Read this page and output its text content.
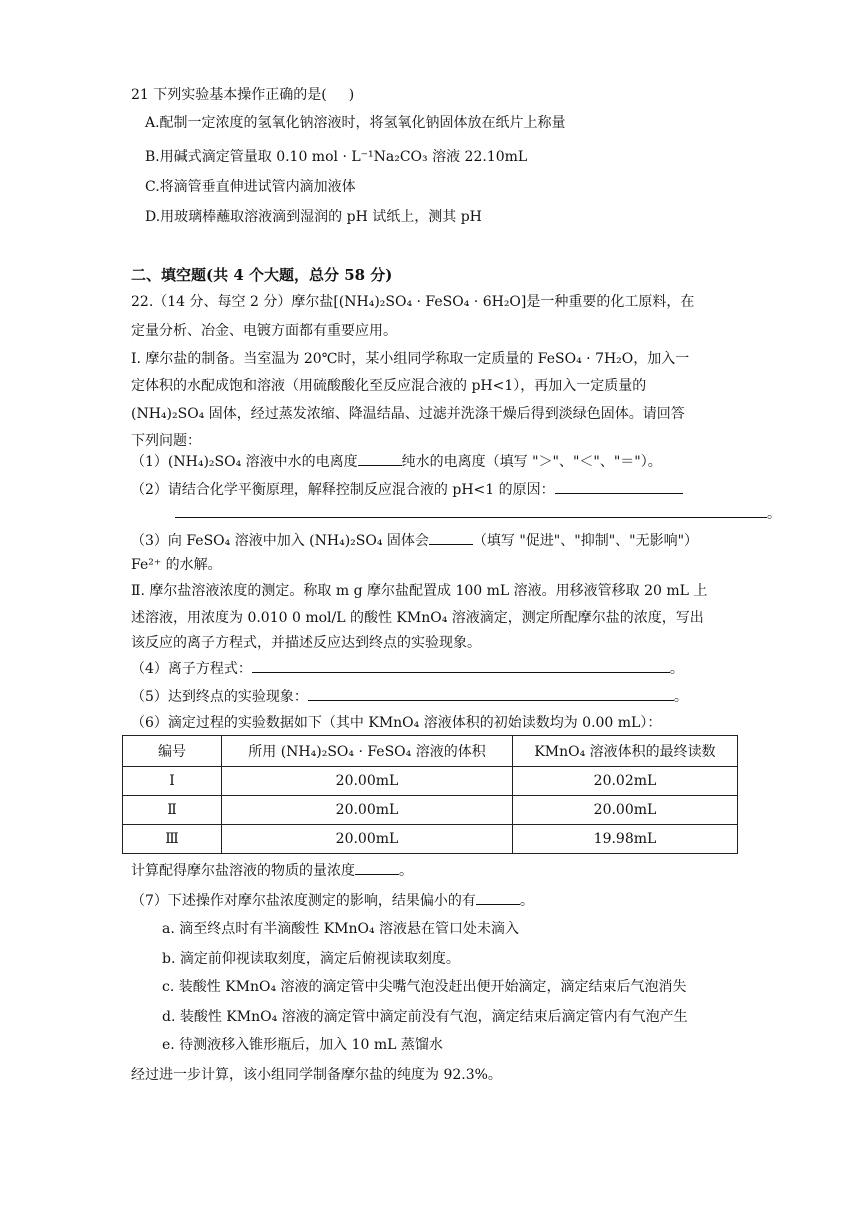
21 下列实验基本操作正确的是( )
A.配制一定浓度的氢氧化钠溶液时，将氢氧化钠固体放在纸片上称量
B.用碱式滴定管量取 0.10 mol · L⁻¹Na₂CO₃ 溶液 22.10mL
C.将滴管垂直伸进试管内滴加液体
D.用玻璃棒蘸取溶液滴到湿润的 pH 试纸上，测其 pH
二、填空题(共 4 个大题，总分 58 分)
22.（14 分、每空 2 分）摩尔盐[(NH₄)₂SO₄ · FeSO₄ · 6H₂O]是一种重要的化工原料，在
定量分析、冶金、电镀方面都有重要应用。
Ⅰ. 摩尔盐的制备。当室温为 20℃时，某小组同学称取一定质量的 FeSO₄ · 7H₂O，加入一
定体积的水配成饱和溶液（用硫酸酸化至反应混合液的 pH<1），再加入一定质量的
(NH₄)₂SO₄ 固体，经过蒸发浓缩、降温结晶、过滤并洗涤干燥后得到淡绿色固体。请回答
下列问题：
（1）(NH₄)₂SO₄ 溶液中水的电离度	纯水的电离度（填写 "＞"、"＜"、"＝"）。
（2）请结合化学平衡原理，解释控制反应混合液的 pH<1 的原因：
。
（3）向 FeSO₄ 溶液中加入 (NH₄)₂SO₄ 固体会	（填写 "促进"、"抑制"、"无影响"）
Fe²⁺ 的水解。
Ⅱ. 摩尔盐溶液浓度的测定。称取 m g 摩尔盐配置成 100 mL 溶液。用移液管移取 20 mL 上
述溶液，用浓度为 0.010 0 mol/L 的酸性 KMnO₄ 溶液滴定，测定所配摩尔盐的浓度，写出
该反应的离子方程式，并描述反应达到终点的实验现象。
（4）离子方程式：	。
（5）达到终点的实验现象：	。
（6）滴定过程的实验数据如下（其中 KMnO₄ 溶液体积的初始读数均为 0.00 mL）：
编号	所用 (NH₄)₂SO₄ · FeSO₄ 溶液的体积	KMnO₄ 溶液体积的最终读数
Ⅰ	20.00mL	20.02mL
Ⅱ	20.00mL	20.00mL
Ⅲ	20.00mL	19.98mL
计算配得摩尔盐溶液的物质的量浓度	。
（7）下述操作对摩尔盐浓度测定的影响，结果偏小的有	。
a. 滴至终点时有半滴酸性 KMnO₄ 溶液悬在管口处未滴入
b. 滴定前仰视读取刻度，滴定后俯视读取刻度。
c. 装酸性 KMnO₄ 溶液的滴定管中尖嘴气泡没赶出便开始滴定，滴定结束后气泡消失
d. 装酸性 KMnO₄ 溶液的滴定管中滴定前没有气泡，滴定结束后滴定管内有气泡产生
e. 待测液移入锥形瓶后，加入 10 mL 蒸馏水
经过进一步计算，该小组同学制备摩尔盐的纯度为 92.3%。
